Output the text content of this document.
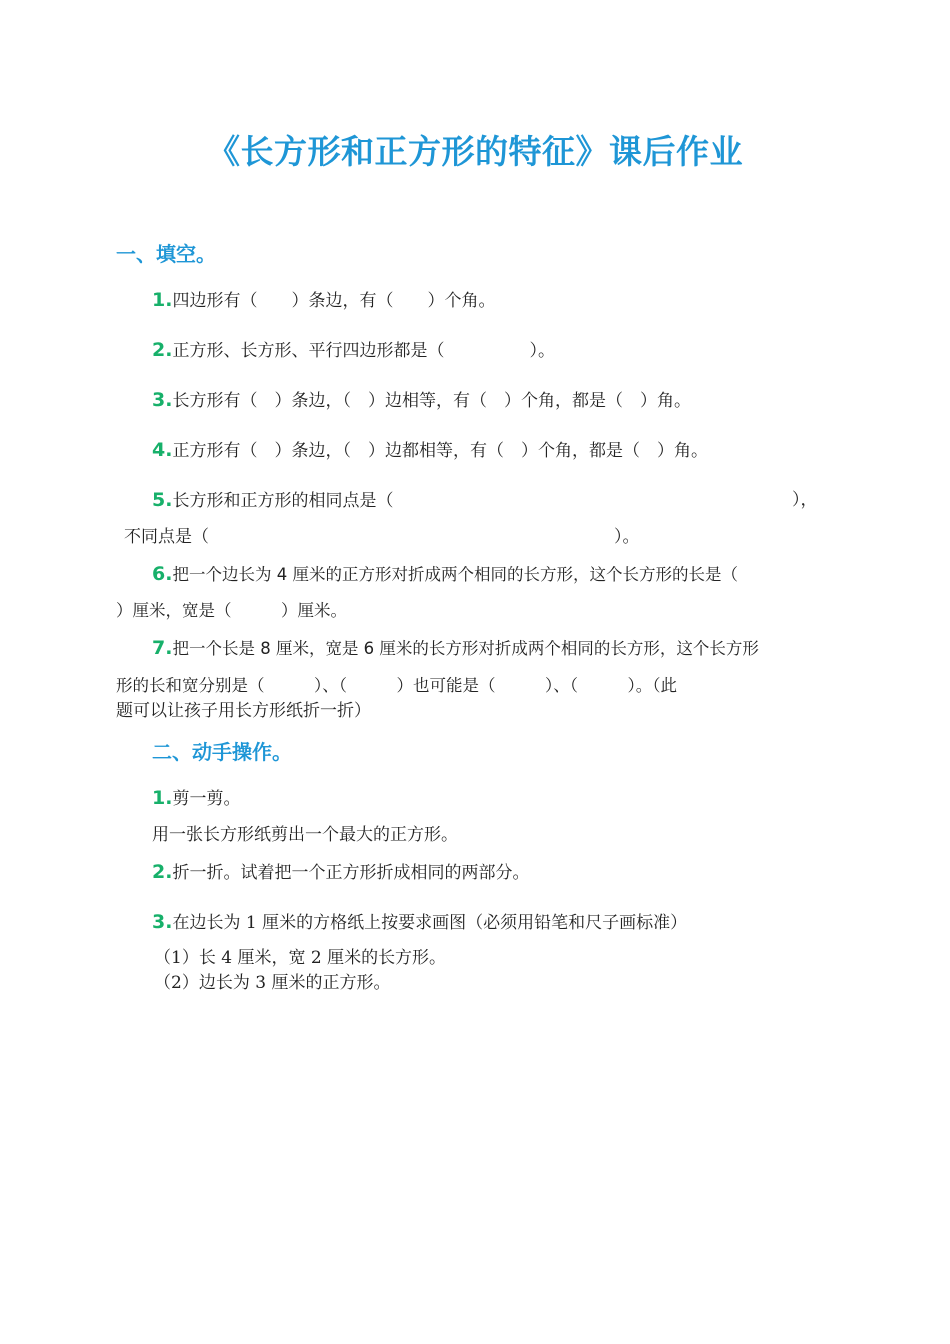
《长方形和正方形的特征》课后作业
一、填空。
1.四边形有（　　）条边，有（　　）个角。
2.正方形、长方形、平行四边形都是（　　　　　）。
3.长方形有（　）条边，（　）边相等，有（　）个角，都是（　）角。
4.正方形有（　）条边，（　）边都相等，有（　）个角，都是（　）角。
5.长方形和正方形的相同点是（	），
不同点是（	）。
6.把一个边长为 4 厘米的正方形对折成两个相同的长方形，这个长方形的长是（
）厘米，宽是（　　　）厘米。
7.把一个长是 8 厘米，宽是 6 厘米的长方形对折成两个相同的长方形，这个长方形
形的长和宽分别是（　　　）、（　　　）也可能是（　　　）、（　　　）。（此
题可以让孩子用长方形纸折一折）
二、动手操作。
1.剪一剪。
用一张长方形纸剪出一个最大的正方形。
2.折一折。试着把一个正方形折成相同的两部分。
3.在边长为 1 厘米的方格纸上按要求画图（必须用铅笔和尺子画标准）
（1）长 4 厘米，宽 2 厘米的长方形。
（2）边长为 3 厘米的正方形。
